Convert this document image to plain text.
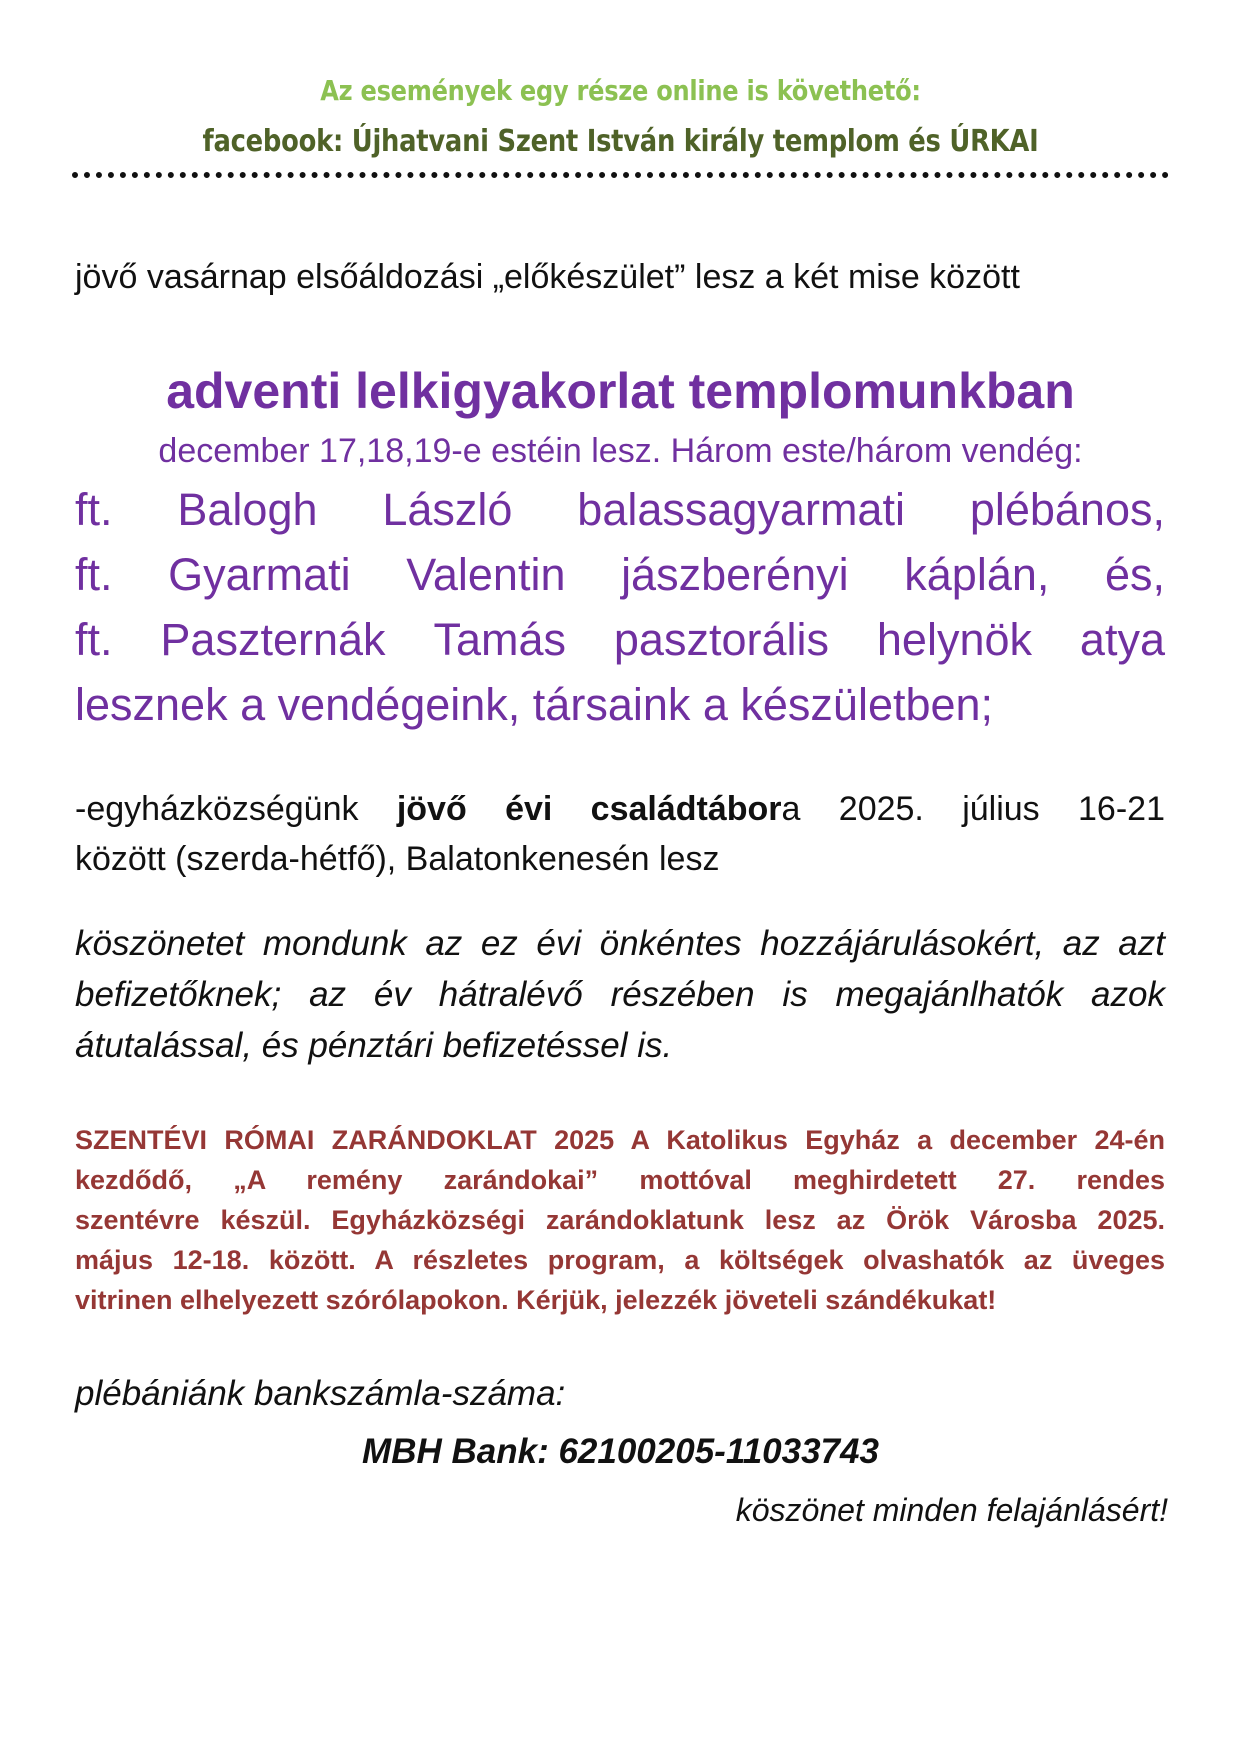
Az események egy része online is követhető:
facebook: Újhatvani Szent István király templom és ÚRKAI
jövő vasárnap elsőáldozási „előkészület” lesz a két mise között
adventi lelkigyakorlat templomunkban
december 17,18,19-e estéin lesz. Három este/három vendég:
ft. Balogh László balassagyarmati plébános,
ft. Gyarmati Valentin jászberényi káplán, és,
ft. Paszternák Tamás pasztorális helynök atya
lesznek a vendégeink, társaink a készületben;
-egyházközségünk jövő évi családtábora 2025. július 16-21
között (szerda-hétfő), Balatonkenesén lesz
köszönetet mondunk az ez évi önkéntes hozzájárulásokért, az azt
befizetőknek; az év hátralévő részében is megajánlhatók azok
átutalással, és pénztári befizetéssel is.
SZENTÉVI RÓMAI ZARÁNDOKLAT 2025 A Katolikus Egyház a december 24-én
kezdődő, „A remény zarándokai” mottóval meghirdetett 27. rendes
szentévre készül. Egyházközségi zarándoklatunk lesz az Örök Városba 2025.
május 12-18. között. A részletes program, a költségek olvashatók az üveges
vitrinen elhelyezett szórólapokon. Kérjük, jelezzék jöveteli szándékukat!
plébániánk bankszámla-száma:
MBH Bank: 62100205-11033743
köszönet minden felajánlásért!
